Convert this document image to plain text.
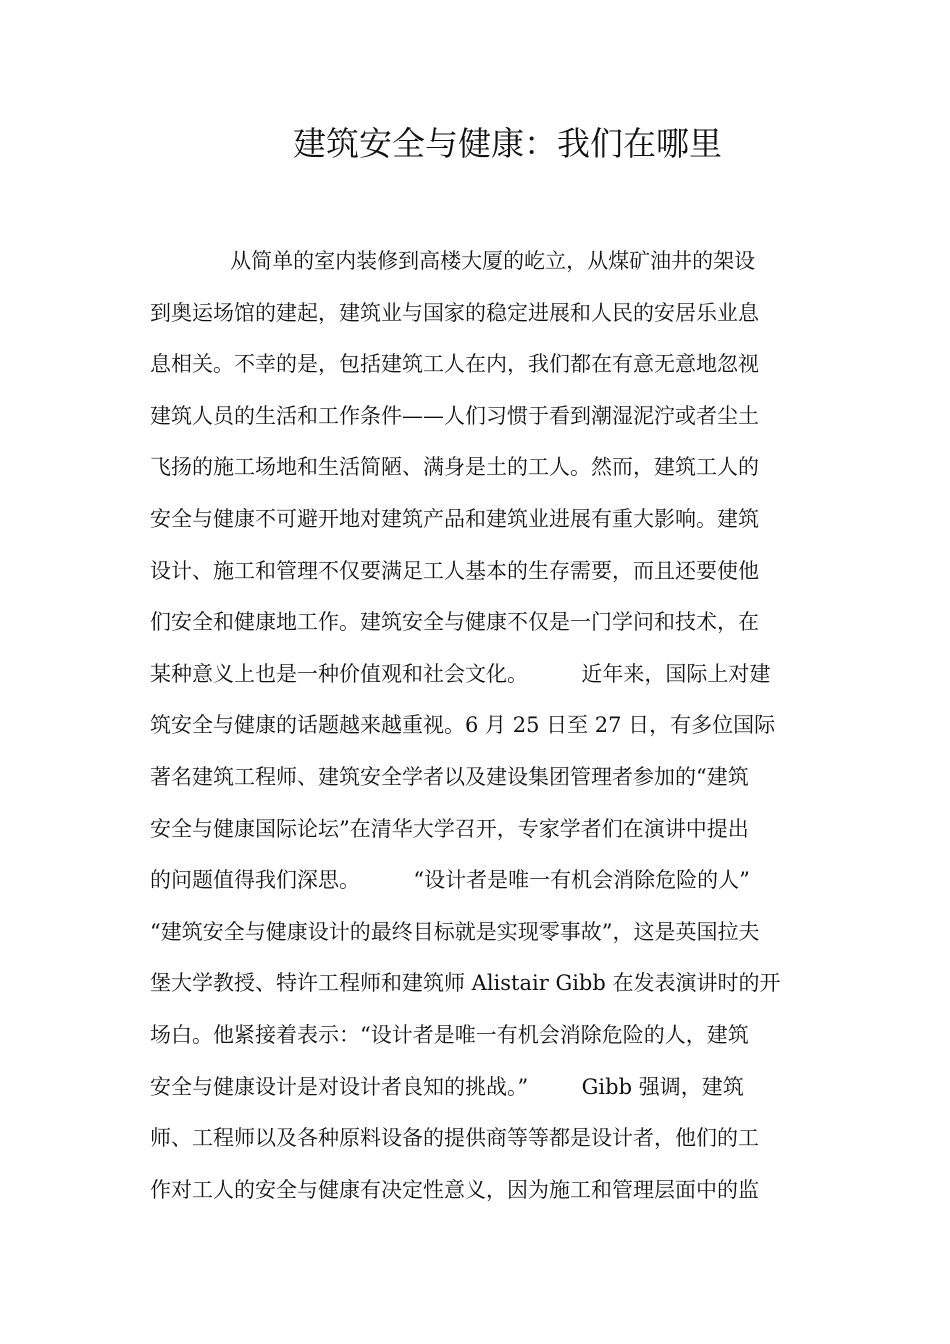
建筑安全与健康：我们在哪里
从简单的室内装修到高楼大厦的屹立，从煤矿油井的架设
到奥运场馆的建起，建筑业与国家的稳定进展和人民的安居乐业息
息相关。不幸的是，包括建筑工人在内，我们都在有意无意地忽视
建筑人员的生活和工作条件——人们习惯于看到潮湿泥泞或者尘土
飞扬的施工场地和生活简陋、满身是土的工人。然而，建筑工人的
安全与健康不可避开地对建筑产品和建筑业进展有重大影响。建筑
设计、施工和管理不仅要满足工人基本的生存需要，而且还要使他
们安全和健康地工作。建筑安全与健康不仅是一门学问和技术，在
某种意义上也是一种价值观和社会文化。        近年来，国际上对建
筑安全与健康的话题越来越重视。6 月 25 日至 27 日，有多位国际
著名建筑工程师、建筑安全学者以及建设集团管理者参加的“建筑
安全与健康国际论坛”在清华大学召开，专家学者们在演讲中提出
的问题值得我们深思。        “设计者是唯一有机会消除危险的人”
“建筑安全与健康设计的最终目标就是实现零事故”，这是英国拉夫
堡大学教授、特许工程师和建筑师 Alistair Gibb 在发表演讲时的开
场白。他紧接着表示：“设计者是唯一有机会消除危险的人，建筑
安全与健康设计是对设计者良知的挑战。”        Gibb 强调，建筑
师、工程师以及各种原料设备的提供商等等都是设计者，他们的工
作对工人的安全与健康有决定性意义，因为施工和管理层面中的监
